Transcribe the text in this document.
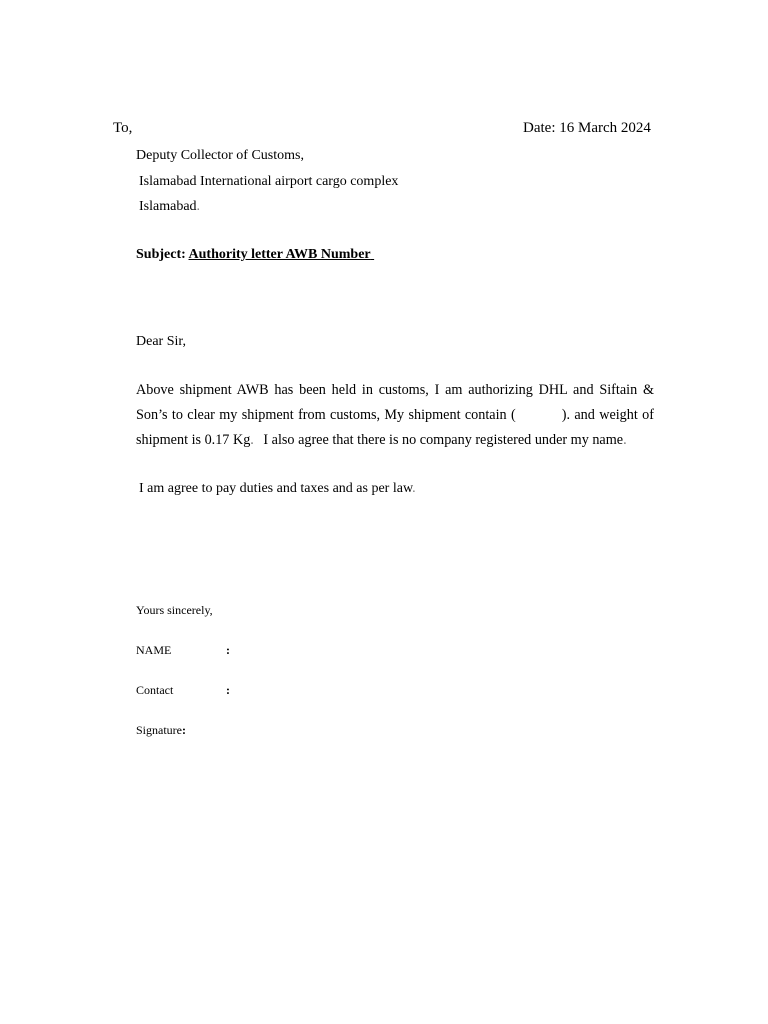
To,	Date: 16 March 2024

Deputy Collector of Customs,

Islamabad International airport cargo complex

Islamabad.

Subject: Authority letter AWB Number

Dear Sir,

Above shipment AWB has been held in customs, I am authorizing DHL and Siftain & Son’s to clear my shipment from customs, My shipment contain (	). and weight of shipment is 0.17 Kg. I also agree that there is no company registered under my name.

I am agree to pay duties and taxes and as per law.

Yours sincerely,

NAME	:

Contact	:

Signature:
